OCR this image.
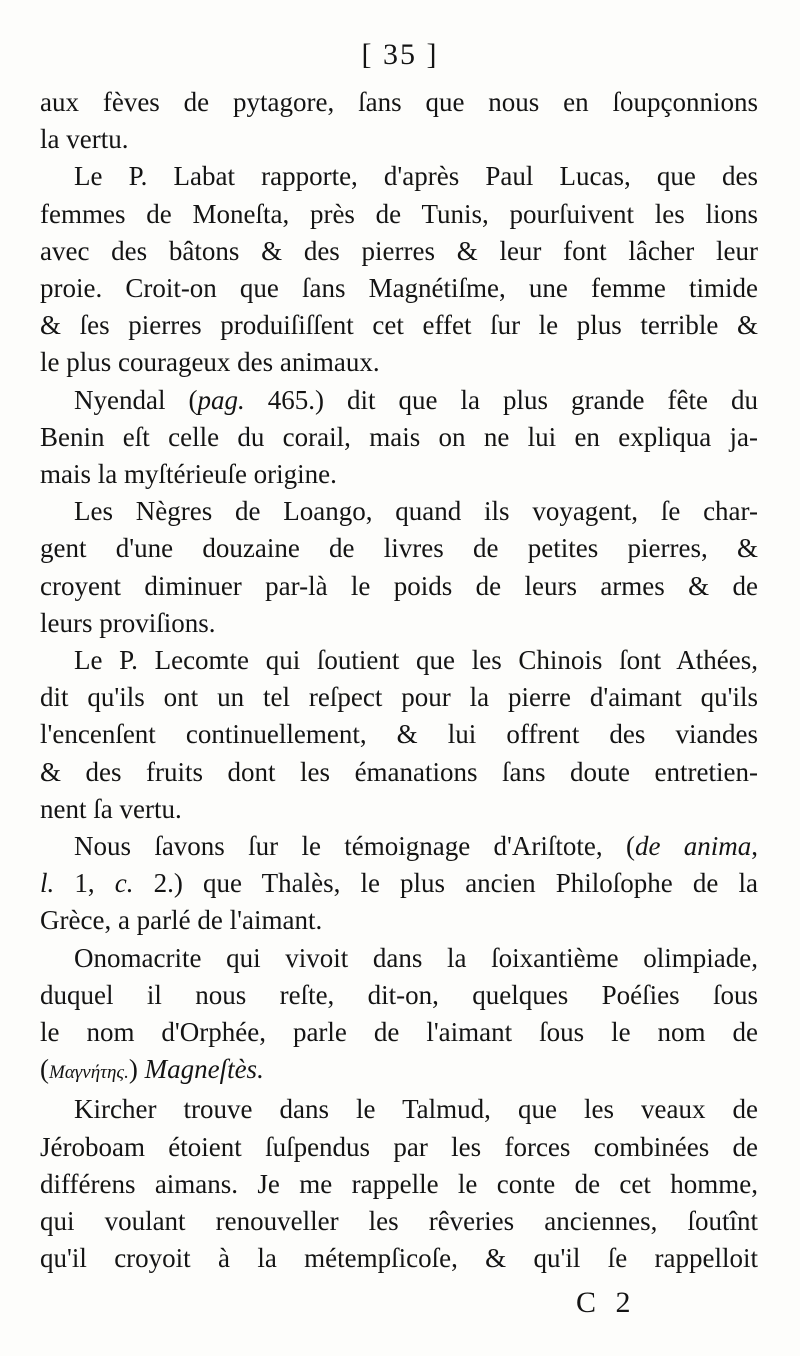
[ 35 ]

aux fèves de pytagore, ſans que nous en ſoupçonnions
la vertu.

Le P. Labat rapporte, d'après Paul Lucas, que des
femmes de Moneſta, près de Tunis, pourſuivent les lions
avec des bâtons & des pierres & leur font lâcher leur
proie. Croit-on que ſans Magnétiſme, une femme timide
& ſes pierres produiſiſſent cet effet ſur le plus terrible &
le plus courageux des animaux.

Nyendal (pag. 465.) dit que la plus grande fête du
Benin eſt celle du corail, mais on ne lui en expliqua ja-
mais la myſtérieuſe origine.

Les Nègres de Loango, quand ils voyagent, ſe char-
gent d'une douzaine de livres de petites pierres, &
croyent diminuer par-là le poids de leurs armes & de
leurs proviſions.

Le P. Lecomte qui ſoutient que les Chinois ſont Athées,
dit qu'ils ont un tel reſpect pour la pierre d'aimant qu'ils
l'encenſent continuellement, & lui offrent des viandes
& des fruits dont les émanations ſans doute entretien-
nent ſa vertu.

Nous ſavons ſur le témoignage d'Ariſtote, (de anima,
l. 1, c. 2.) que Thalès, le plus ancien Philoſophe de la
Grèce, a parlé de l'aimant.

Onomacrite qui vivoit dans la ſoixantième olimpiade,
duquel il nous reſte, dit-on, quelques Poéſies ſous
le nom d'Orphée, parle de l'aimant ſous le nom de
(Μαγνήτης.) Magneſtès.

Kircher trouve dans le Talmud, que les veaux de
Jéroboam étoient ſuſpendus par les forces combinées de
différens aimans. Je me rappelle le conte de cet homme,
qui voulant renouveller les rêveries anciennes, ſoutînt
qu'il croyoit à la métempſicoſe, & qu'il ſe rappelloit

C 2
